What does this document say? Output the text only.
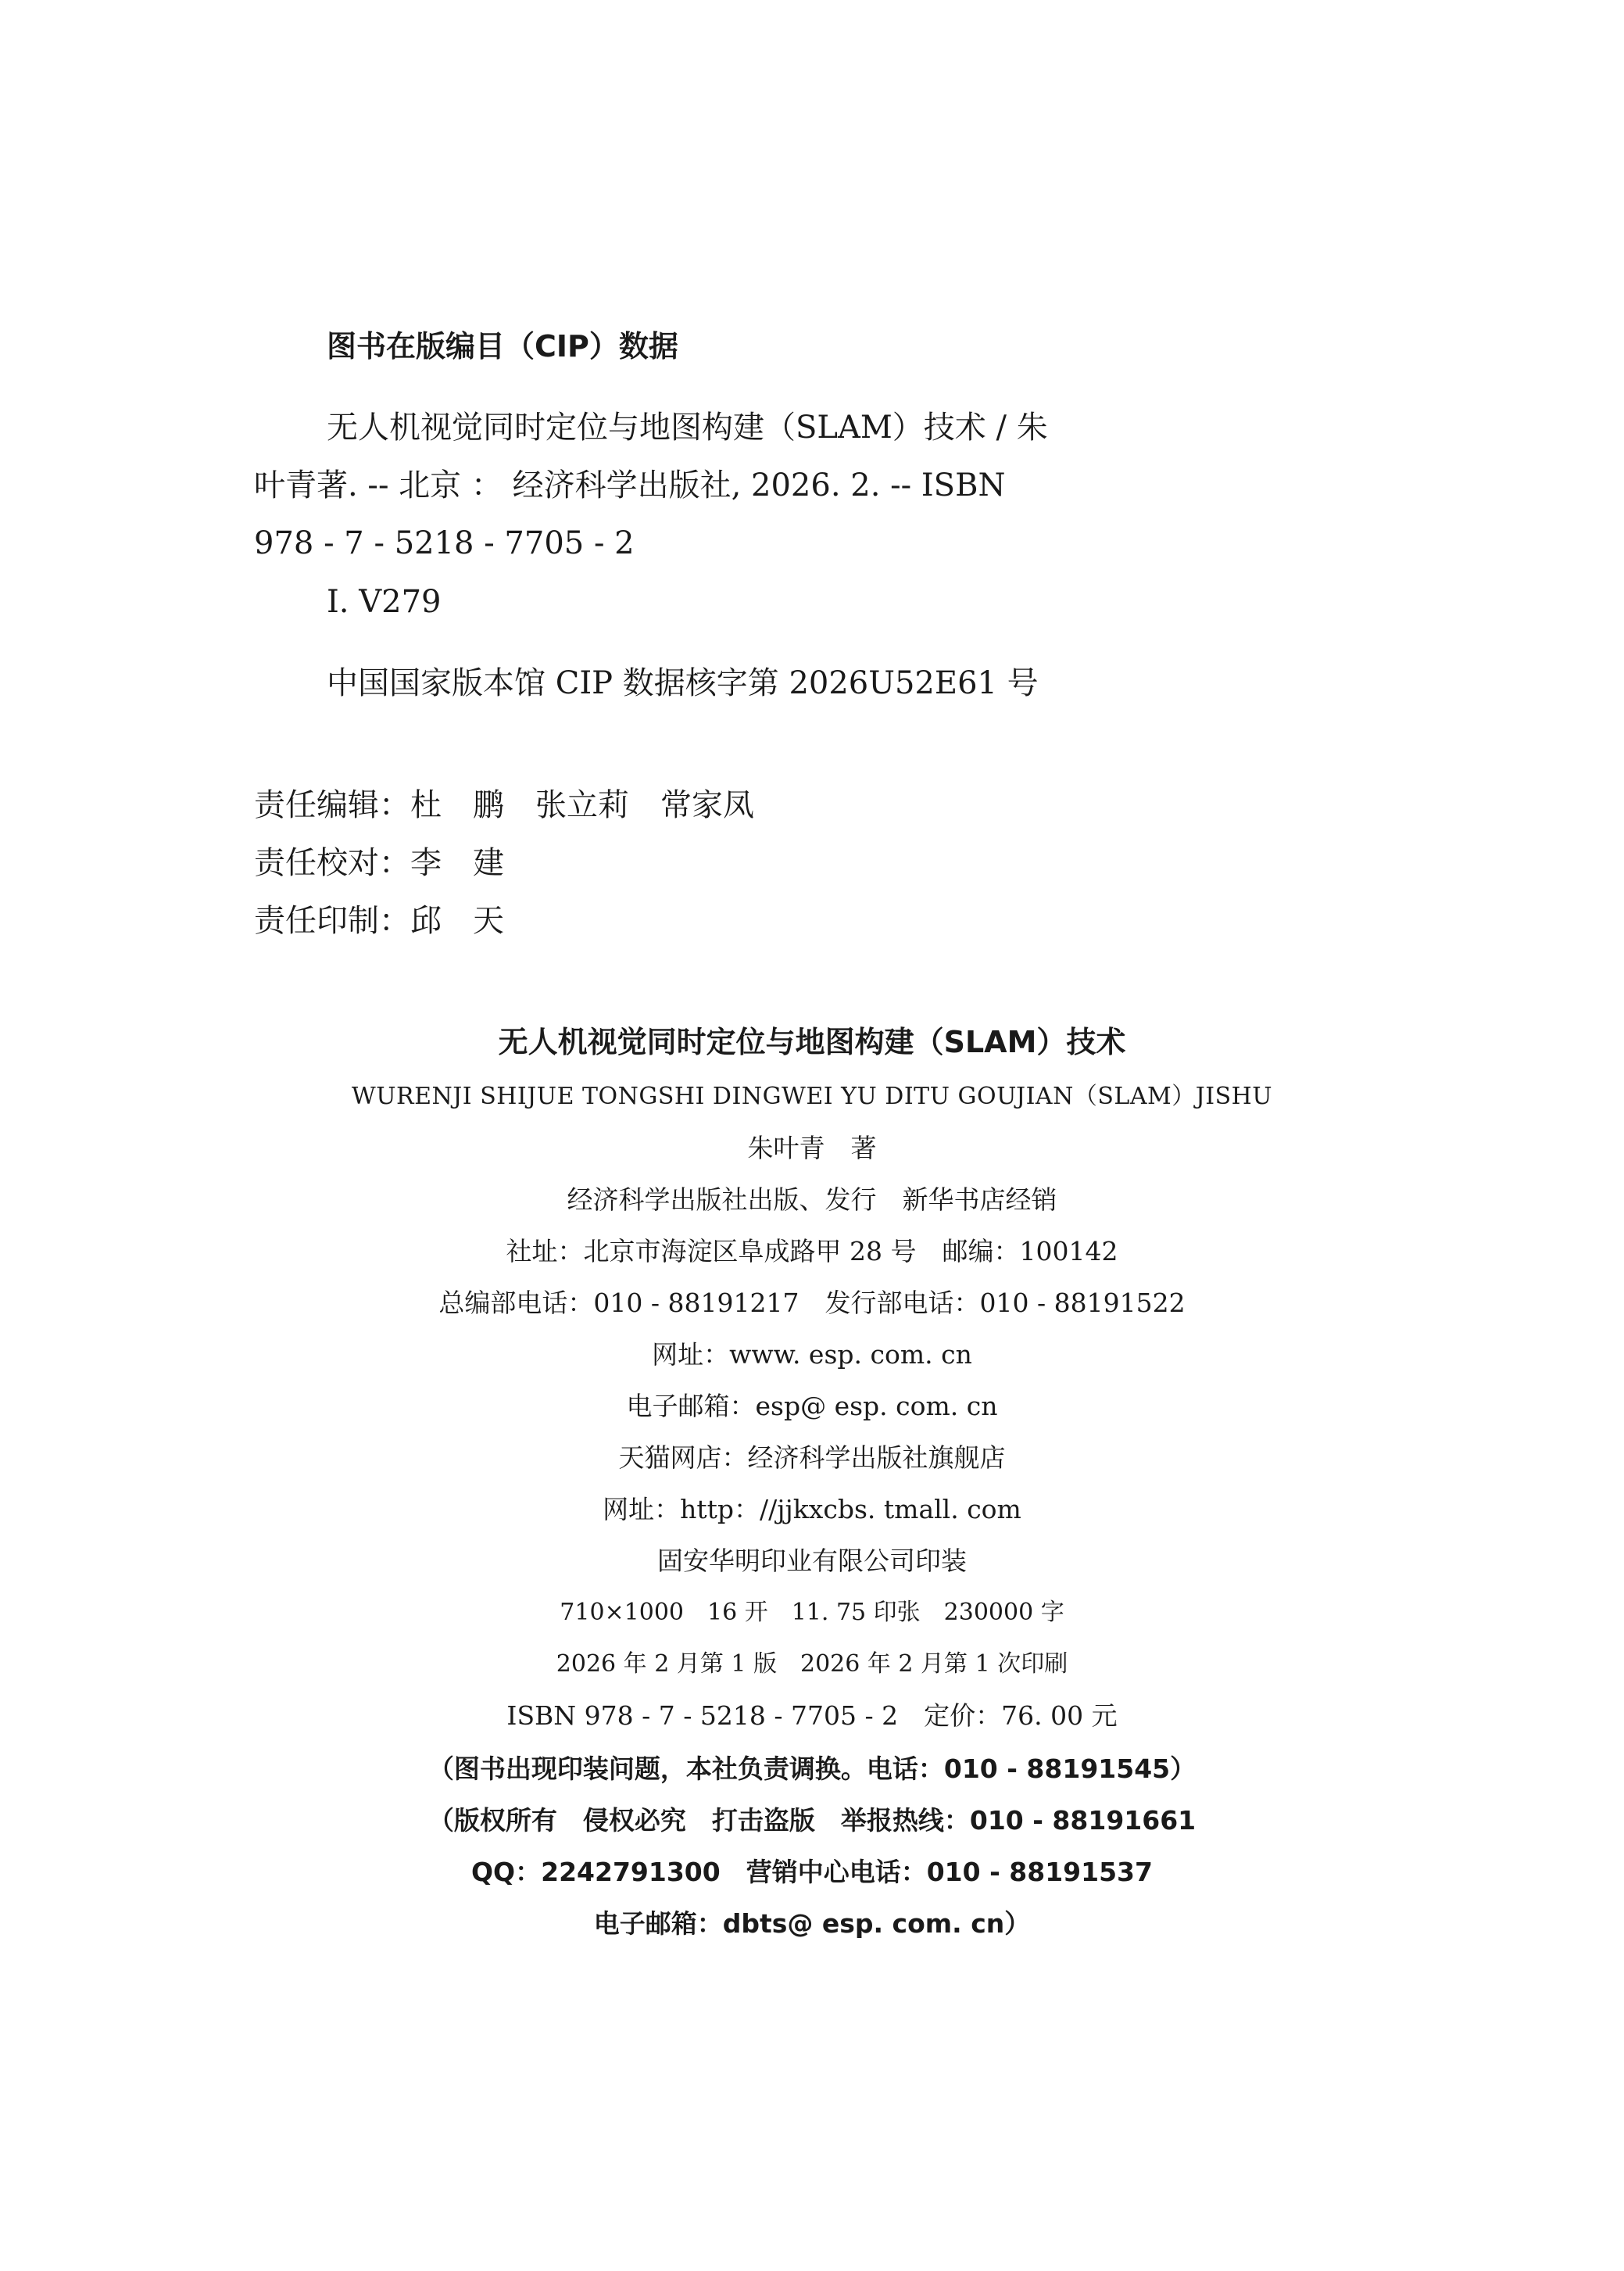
图书在版编目（CIP）数据
无人机视觉同时定位与地图构建（SLAM）技术 / 朱
叶青著. -- 北京 ： 经济科学出版社, 2026. 2. -- ISBN
978 - 7 - 5218 - 7705 - 2
Ⅰ. V279
中国国家版本馆 CIP 数据核字第 2026U52E61 号
责任编辑：杜　鹏　张立莉　常家凤
责任校对：李　建
责任印制：邱　天
无人机视觉同时定位与地图构建（SLAM）技术
WURENJI SHIJUE TONGSHI DINGWEI YU DITU GOUJIAN（SLAM）JISHU
朱叶青　著
经济科学出版社出版、发行　新华书店经销
社址：北京市海淀区阜成路甲 28 号　邮编：100142
总编部电话：010 - 88191217　发行部电话：010 - 88191522
网址：www. esp. com. cn
电子邮箱：esp@ esp. com. cn
天猫网店：经济科学出版社旗舰店
网址：http：//jjkxcbs. tmall. com
固安华明印业有限公司印装
710×1000　16 开　11. 75 印张　230000 字
2026 年 2 月第 1 版　2026 年 2 月第 1 次印刷
ISBN 978 - 7 - 5218 - 7705 - 2　定价：76. 00 元
（图书出现印装问题，本社负责调换。电话：010 - 88191545）
（版权所有　侵权必究　打击盗版　举报热线：010 - 88191661
QQ：2242791300　营销中心电话：010 - 88191537
电子邮箱：dbts@ esp. com. cn）
